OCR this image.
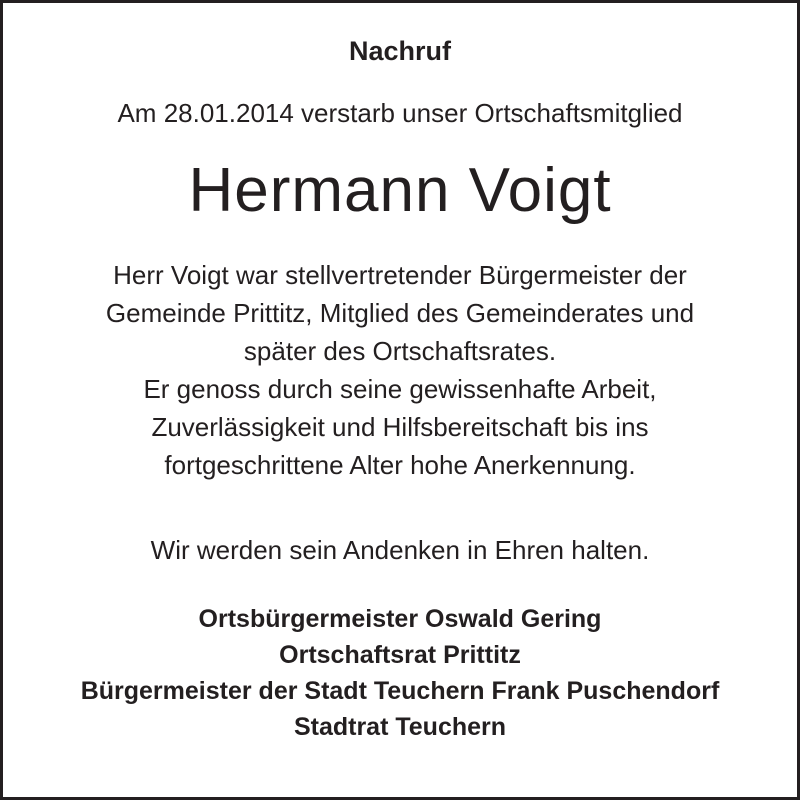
Nachruf
Am 28.01.2014 verstarb unser Ortschaftsmitglied
Hermann Voigt
Herr Voigt war stellvertretender Bürgermeister der
Gemeinde Prittitz, Mitglied des Gemeinderates und
später des Ortschaftsrates.
Er genoss durch seine gewissenhafte Arbeit,
Zuverlässigkeit und Hilfsbereitschaft bis ins
fortgeschrittene Alter hohe Anerkennung.
Wir werden sein Andenken in Ehren halten.
Ortsbürgermeister Oswald Gering
Ortschaftsrat Prittitz
Bürgermeister der Stadt Teuchern Frank Puschendorf
Stadtrat Teuchern
